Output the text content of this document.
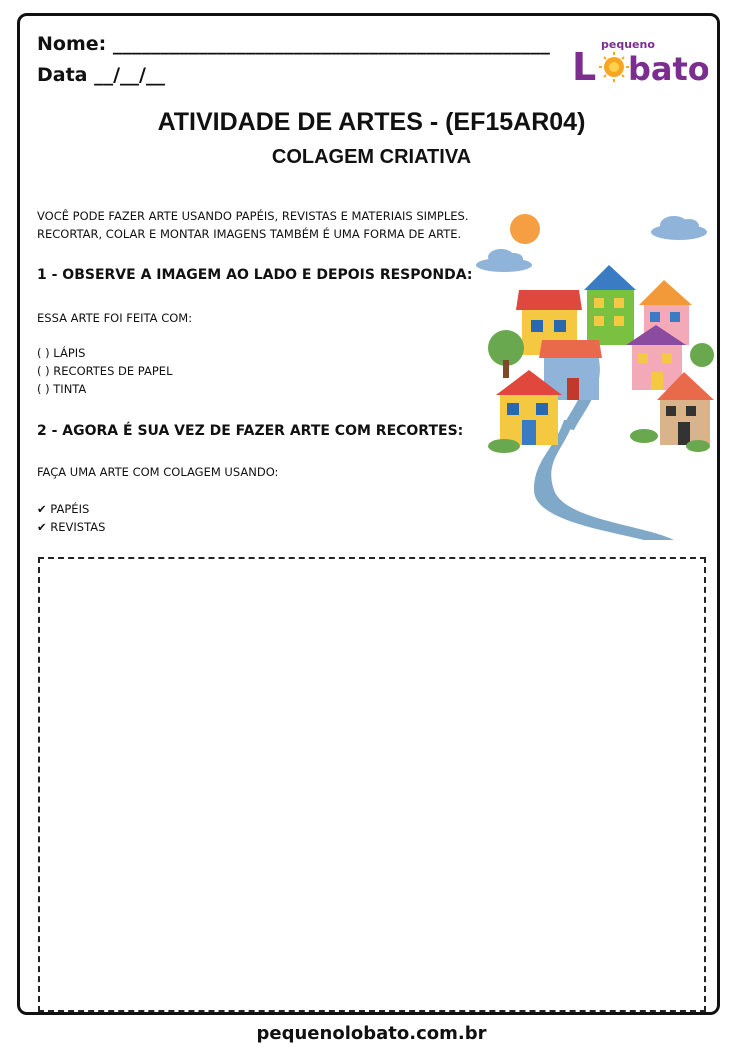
Nome: ______________________________________________
Data __/__/__
pequeno
L bato
ATIVIDADE DE ARTES - (EF15AR04)
COLAGEM CRIATIVA
VOCÊ PODE FAZER ARTE USANDO PAPÉIS, REVISTAS E MATERIAIS SIMPLES.
RECORTAR, COLAR E MONTAR IMAGENS TAMBÉM É UMA FORMA DE ARTE.
1 - OBSERVE A IMAGEM AO LADO E DEPOIS RESPONDA:
ESSA ARTE FOI FEITA COM:
( ) LÁPIS
( ) RECORTES DE PAPEL
( ) TINTA
2 - AGORA É SUA VEZ DE FAZER ARTE COM RECORTES:
FAÇA UMA ARTE COM COLAGEM USANDO:
✔ PAPÉIS
✔ REVISTAS
pequenolobato.com.br
